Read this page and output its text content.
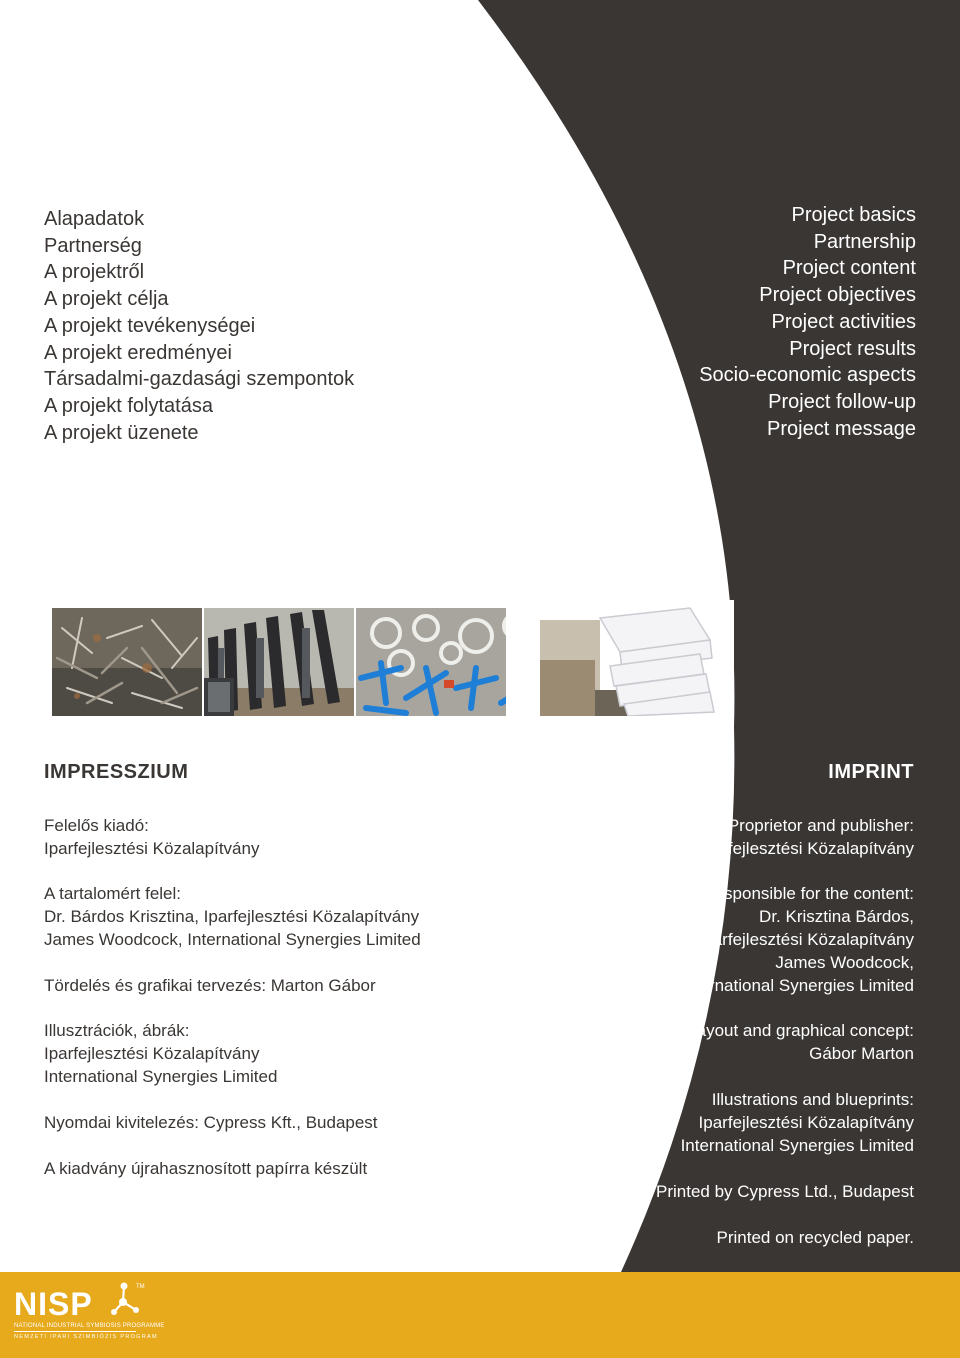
Alapadatok
Partnerség
A projektről
A projekt célja
A projekt tevékenységei
A projekt eredményei
Társadalmi-gazdasági szempontok
A projekt folytatása
A projekt üzenete
Project basics
Partnership
Project content
Project objectives
Project activities
Project results
Socio-economic aspects
Project follow-up
Project message
IMPRESSZIUM	IMPRINT
Felelős kiadó:
Iparfejlesztési Közalapítvány
A tartalomért felel:
Dr. Bárdos Krisztina, Iparfejlesztési Közalapítvány
James Woodcock, International Synergies Limited
Tördelés és grafikai tervezés: Marton Gábor
Illusztrációk, ábrák:
Iparfejlesztési Közalapítvány
International Synergies Limited
Nyomdai kivitelezés: Cypress Kft., Budapest
A kiadvány újrahasznosított papírra készült
Proprietor and publisher:
Iparfejlesztési Közalapítvány
Responsible for the content:
Dr. Krisztina Bárdos,
Iparfejlesztési Közalapítvány
James Woodcock,
International Synergies Limited
Layout and graphical concept:
Gábor Marton
Illustrations and blueprints:
Iparfejlesztési Közalapítvány
International Synergies Limited
Printed by Cypress Ltd., Budapest
Printed on recycled paper.
NISP	TM
NATIONAL INDUSTRIAL SYMBIOSIS PROGRAMME
NEMZETI IPARI SZIMBIÓZIS PROGRAM
